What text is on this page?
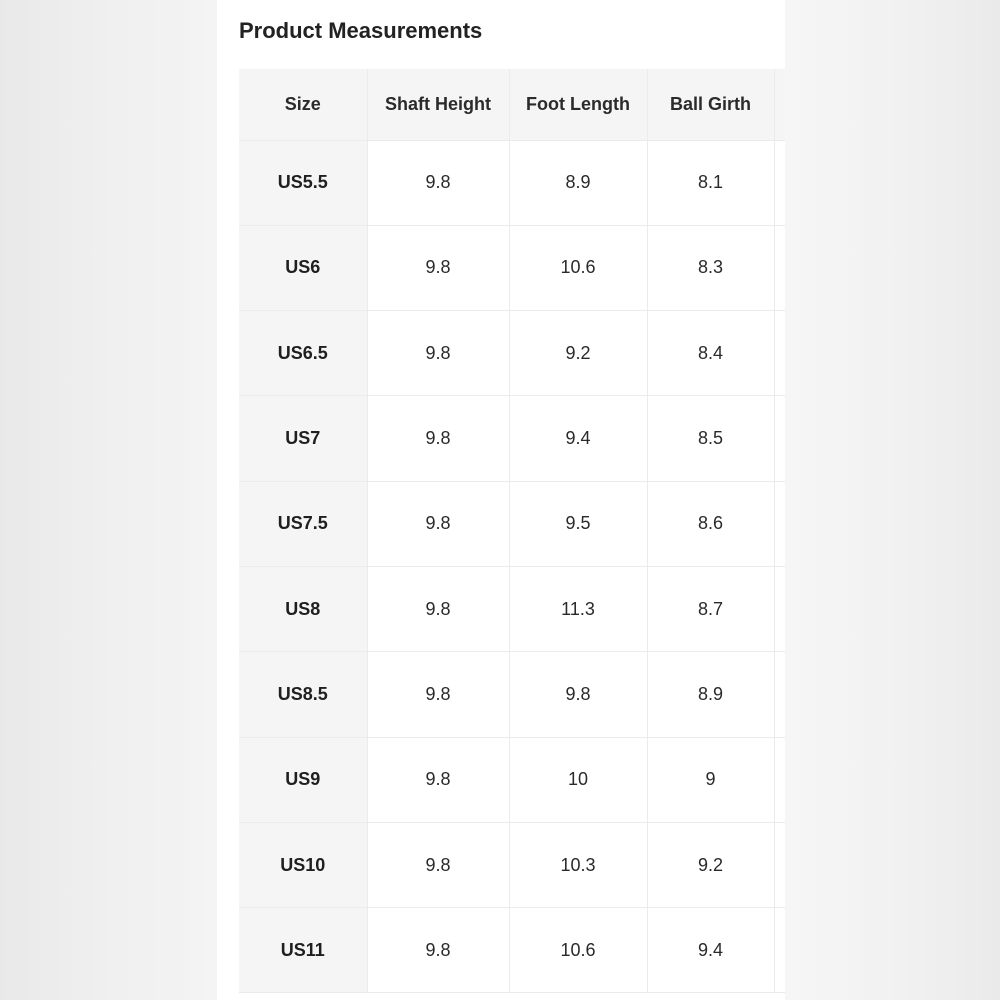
Product Measurements
Size	Shaft Height	Foot Length	Ball Girth	
US5.5	9.8	8.9	8.1	
US6	9.8	10.6	8.3	
US6.5	9.8	9.2	8.4	
US7	9.8	9.4	8.5	
US7.5	9.8	9.5	8.6	
US8	9.8	11.3	8.7	
US8.5	9.8	9.8	8.9	
US9	9.8	10	9	
US10	9.8	10.3	9.2	
US11	9.8	10.6	9.4	
